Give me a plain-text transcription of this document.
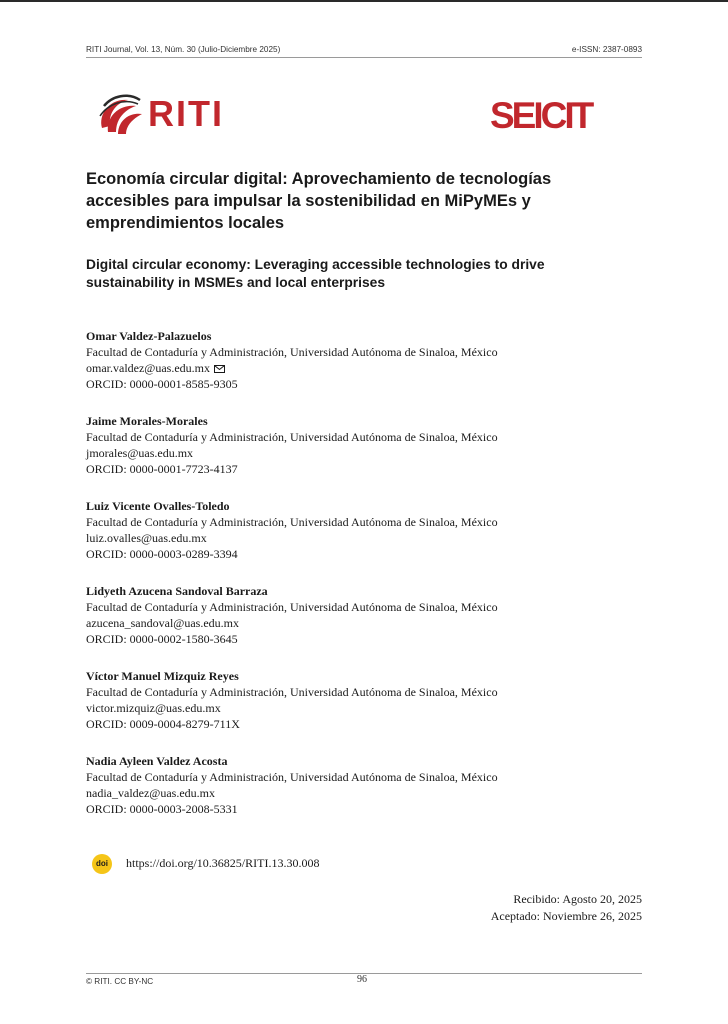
RITI Journal, Vol. 13, Núm. 30 (Julio-Diciembre 2025)	e-ISSN: 2387-0893
RITI	SEICIT
Economía circular digital: Aprovechamiento de tecnologías accesibles para impulsar la sostenibilidad en MiPyMEs y emprendimientos locales
Digital circular economy: Leveraging accessible technologies to drive sustainability in MSMEs and local enterprises
Omar Valdez-Palazuelos
Facultad de Contaduría y Administración, Universidad Autónoma de Sinaloa, México
omar.valdez@uas.edu.mx
ORCID: 0000-0001-8585-9305
Jaime Morales-Morales
Facultad de Contaduría y Administración, Universidad Autónoma de Sinaloa, México
jmorales@uas.edu.mx
ORCID: 0000-0001-7723-4137
Luiz Vicente Ovalles-Toledo
Facultad de Contaduría y Administración, Universidad Autónoma de Sinaloa, México
luiz.ovalles@uas.edu.mx
ORCID: 0000-0003-0289-3394
Lidyeth Azucena Sandoval Barraza
Facultad de Contaduría y Administración, Universidad Autónoma de Sinaloa, México
azucena_sandoval@uas.edu.mx
ORCID: 0000-0002-1580-3645
Víctor Manuel Mizquiz Reyes
Facultad de Contaduría y Administración, Universidad Autónoma de Sinaloa, México
victor.mizquiz@uas.edu.mx
ORCID: 0009-0004-8279-711X
Nadia Ayleen Valdez Acosta
Facultad de Contaduría y Administración, Universidad Autónoma de Sinaloa, México
nadia_valdez@uas.edu.mx
ORCID: 0000-0003-2008-5331
doi	https://doi.org/10.36825/RITI.13.30.008
Recibido: Agosto 20, 2025
Aceptado: Noviembre 26, 2025
© RITI. CC BY-NC	96
